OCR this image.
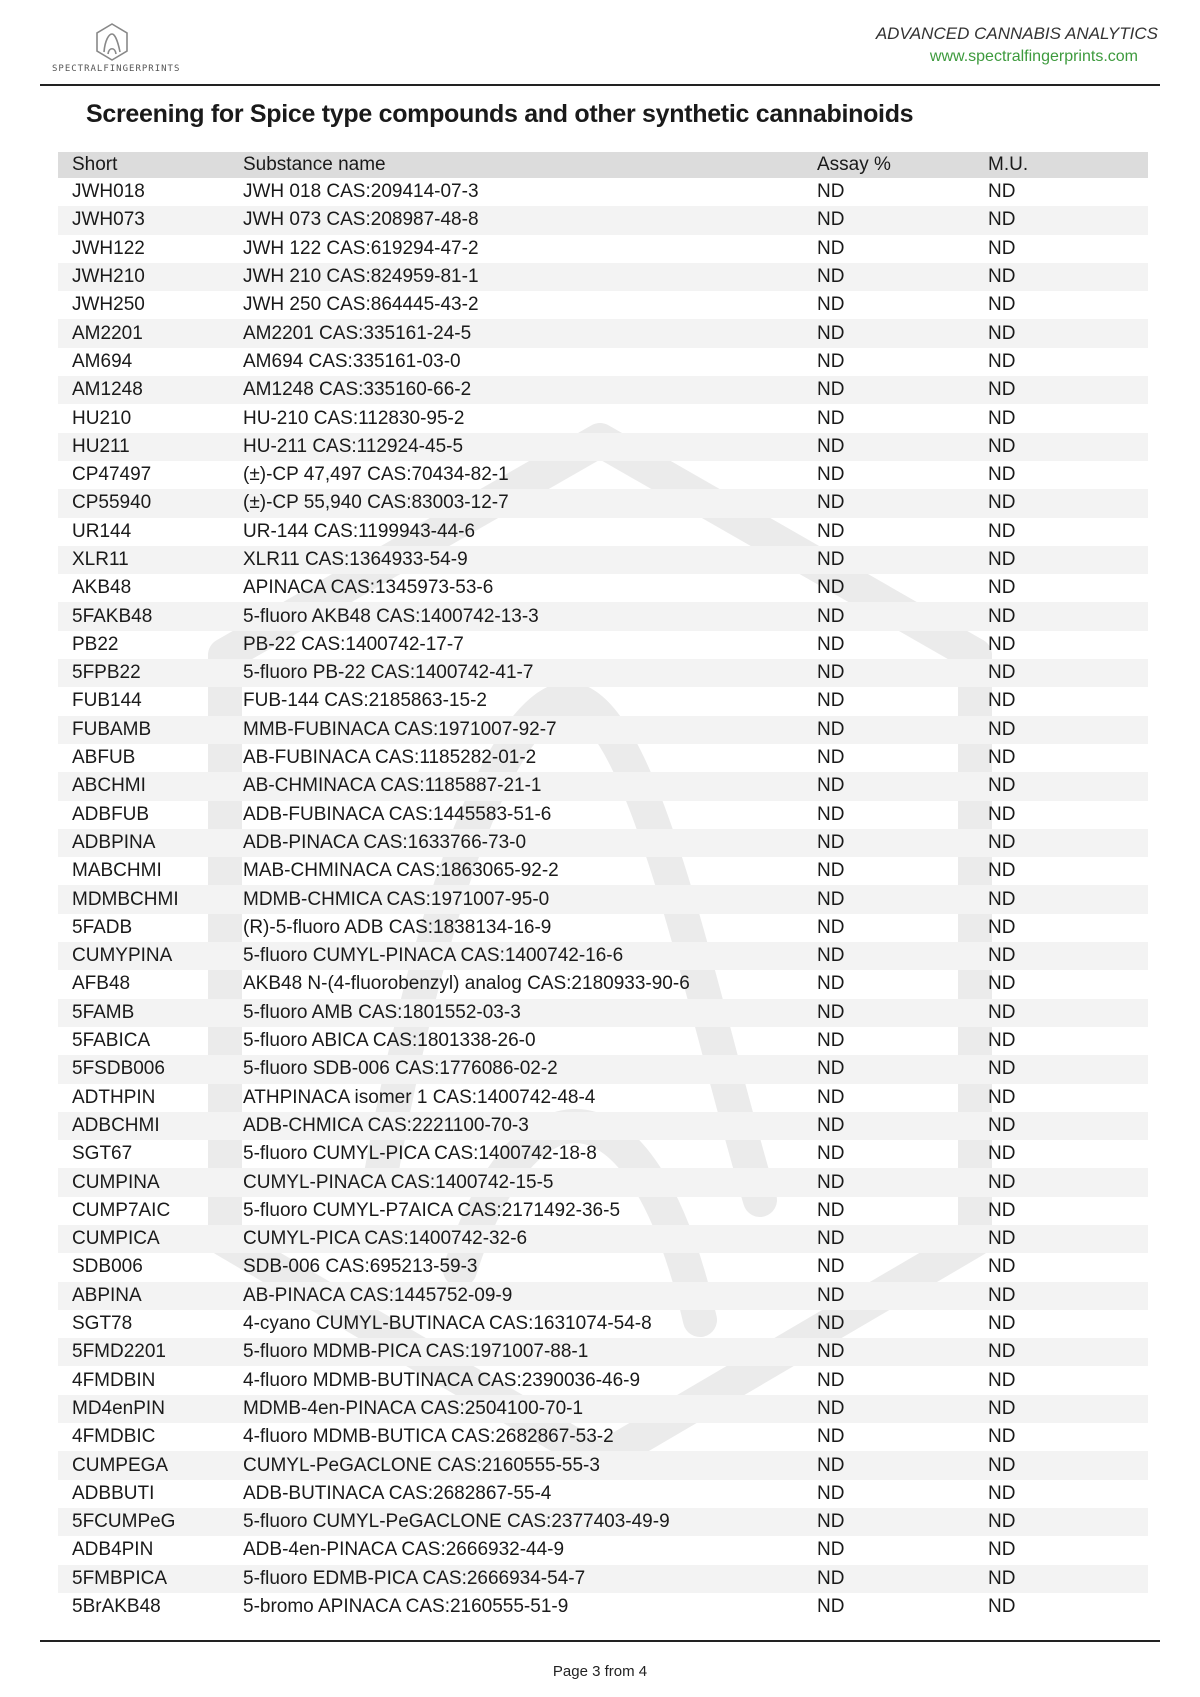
SPECTRALFINGERPRINTS
ADVANCED CANNABIS ANALYTICS
www.spectralfingerprints.com
Screening for Spice type compounds and other synthetic cannabinoids
Short	Substance name	Assay %	M.U.
JWH018	JWH 018 CAS:209414-07-3	ND	ND
JWH073	JWH 073 CAS:208987-48-8	ND	ND
JWH122	JWH 122 CAS:619294-47-2	ND	ND
JWH210	JWH 210 CAS:824959-81-1	ND	ND
JWH250	JWH 250 CAS:864445-43-2	ND	ND
AM2201	AM2201 CAS:335161-24-5	ND	ND
AM694	AM694 CAS:335161-03-0	ND	ND
AM1248	AM1248 CAS:335160-66-2	ND	ND
HU210	HU-210 CAS:112830-95-2	ND	ND
HU211	HU-211 CAS:112924-45-5	ND	ND
CP47497	(±)-CP 47,497 CAS:70434-82-1	ND	ND
CP55940	(±)-CP 55,940 CAS:83003-12-7	ND	ND
UR144	UR-144 CAS:1199943-44-6	ND	ND
XLR11	XLR11 CAS:1364933-54-9	ND	ND
AKB48	APINACA CAS:1345973-53-6	ND	ND
5FAKB48	5-fluoro AKB48 CAS:1400742-13-3	ND	ND
PB22	PB-22 CAS:1400742-17-7	ND	ND
5FPB22	5-fluoro PB-22 CAS:1400742-41-7	ND	ND
FUB144	FUB-144 CAS:2185863-15-2	ND	ND
FUBAMB	MMB-FUBINACA CAS:1971007-92-7	ND	ND
ABFUB	AB-FUBINACA CAS:1185282-01-2	ND	ND
ABCHMI	AB-CHMINACA CAS:1185887-21-1	ND	ND
ADBFUB	ADB-FUBINACA CAS:1445583-51-6	ND	ND
ADBPINA	ADB-PINACA CAS:1633766-73-0	ND	ND
MABCHMI	MAB-CHMINACA CAS:1863065-92-2	ND	ND
MDMBCHMI	MDMB-CHMICA CAS:1971007-95-0	ND	ND
5FADB	(R)-5-fluoro ADB CAS:1838134-16-9	ND	ND
CUMYPINA	5-fluoro CUMYL-PINACA CAS:1400742-16-6	ND	ND
AFB48	AKB48 N-(4-fluorobenzyl) analog CAS:2180933-90-6	ND	ND
5FAMB	5-fluoro AMB CAS:1801552-03-3	ND	ND
5FABICA	5-fluoro ABICA CAS:1801338-26-0	ND	ND
5FSDB006	5-fluoro SDB-006 CAS:1776086-02-2	ND	ND
ADTHPIN	ATHPINACA isomer 1 CAS:1400742-48-4	ND	ND
ADBCHMI	ADB-CHMICA CAS:2221100-70-3	ND	ND
SGT67	5-fluoro CUMYL-PICA CAS:1400742-18-8	ND	ND
CUMPINA	CUMYL-PINACA CAS:1400742-15-5	ND	ND
CUMP7AIC	5-fluoro CUMYL-P7AICA CAS:2171492-36-5	ND	ND
CUMPICA	CUMYL-PICA CAS:1400742-32-6	ND	ND
SDB006	SDB-006 CAS:695213-59-3	ND	ND
ABPINA	AB-PINACA CAS:1445752-09-9	ND	ND
SGT78	4-cyano CUMYL-BUTINACA CAS:1631074-54-8	ND	ND
5FMD2201	5-fluoro MDMB-PICA CAS:1971007-88-1	ND	ND
4FMDBIN	4-fluoro MDMB-BUTINACA CAS:2390036-46-9	ND	ND
MD4enPIN	MDMB-4en-PINACA CAS:2504100-70-1	ND	ND
4FMDBIC	4-fluoro MDMB-BUTICA CAS:2682867-53-2	ND	ND
CUMPEGA	CUMYL-PeGACLONE CAS:2160555-55-3	ND	ND
ADBBUTI	ADB-BUTINACA CAS:2682867-55-4	ND	ND
5FCUMPeG	5-fluoro CUMYL-PeGACLONE CAS:2377403-49-9	ND	ND
ADB4PIN	ADB-4en-PINACA CAS:2666932-44-9	ND	ND
5FMBPICA	5-fluoro EDMB-PICA CAS:2666934-54-7	ND	ND
5BrAKB48	5-bromo APINACA CAS:2160555-51-9	ND	ND
Page 3 from 4
